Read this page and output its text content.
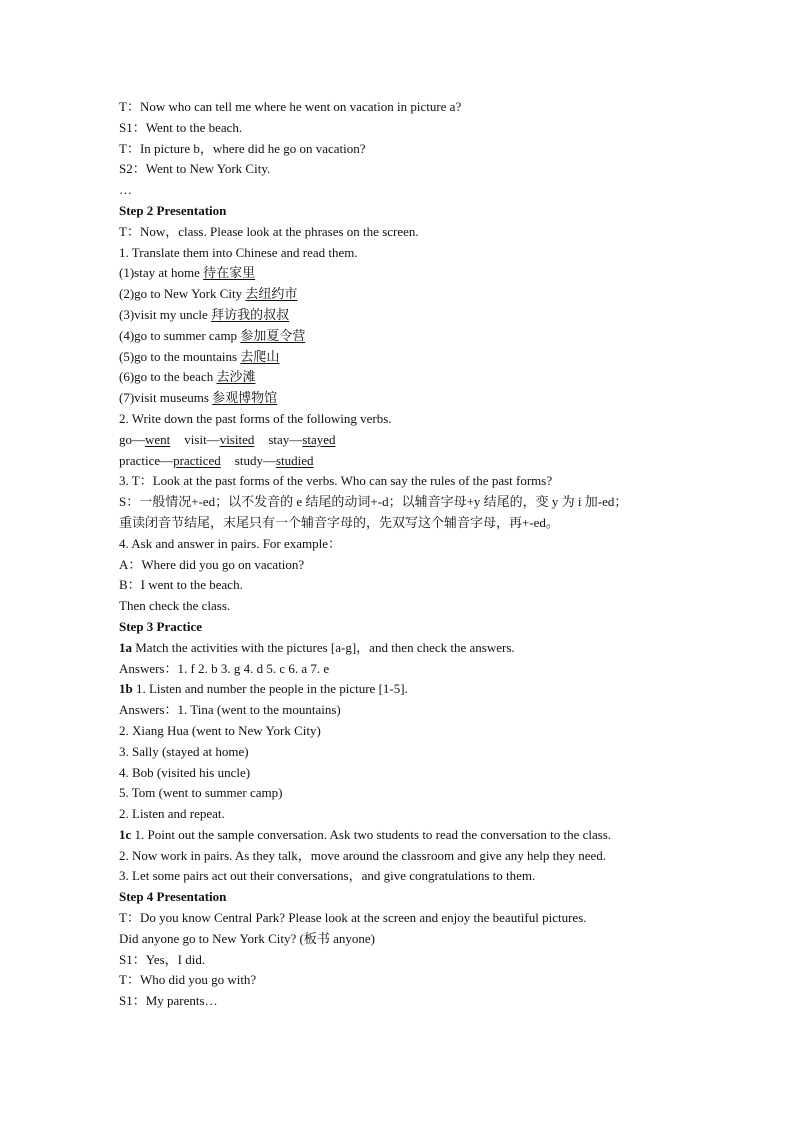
T：Now who can tell me where he went on vacation in picture a?
S1：Went to the beach.
T：In picture b，where did he go on vacation?
S2：Went to New York City.
…
Step 2 Presentation
T：Now，class. Please look at the phrases on the screen.
1. Translate them into Chinese and read them.
(1)stay at home 待在家里
(2)go to New York City 去纽约市
(3)visit my uncle 拜访我的叔叔
(4)go to summer camp 参加夏令营
(5)go to the mountains 去爬山
(6)go to the beach 去沙滩
(7)visit museums 参观博物馆
2. Write down the past forms of the following verbs.
go—went visit—visited stay—stayed
practice—practiced study—studied
3. T：Look at the past forms of the verbs. Who can say the rules of the past forms?
S：一般情况+-ed；以不发音的 e 结尾的动词+-d；以辅音字母+y 结尾的，变 y 为 i 加-ed；
重读闭音节结尾，末尾只有一个辅音字母的，先双写这个辅音字母，再+-ed。
4. Ask and answer in pairs. For example：
A：Where did you go on vacation?
B：I went to the beach.
Then check the class.
Step 3 Practice
1a Match the activities with the pictures [a-g]，and then check the answers.
Answers：1. f 2. b 3. g 4. d 5. c 6. a 7. e
1b 1. Listen and number the people in the picture [1-5].
Answers：1. Tina (went to the mountains)
2. Xiang Hua (went to New York City)
3. Sally (stayed at home)
4. Bob (visited his uncle)
5. Tom (went to summer camp)
2. Listen and repeat.
1c 1. Point out the sample conversation. Ask two students to read the conversation to the class.
2. Now work in pairs. As they talk，move around the classroom and give any help they need.
3. Let some pairs act out their conversations，and give congratulations to them.
Step 4 Presentation
T：Do you know Central Park? Please look at the screen and enjoy the beautiful pictures.
Did anyone go to New York City? (板书 anyone)
S1：Yes，I did.
T：Who did you go with?
S1：My parents…
